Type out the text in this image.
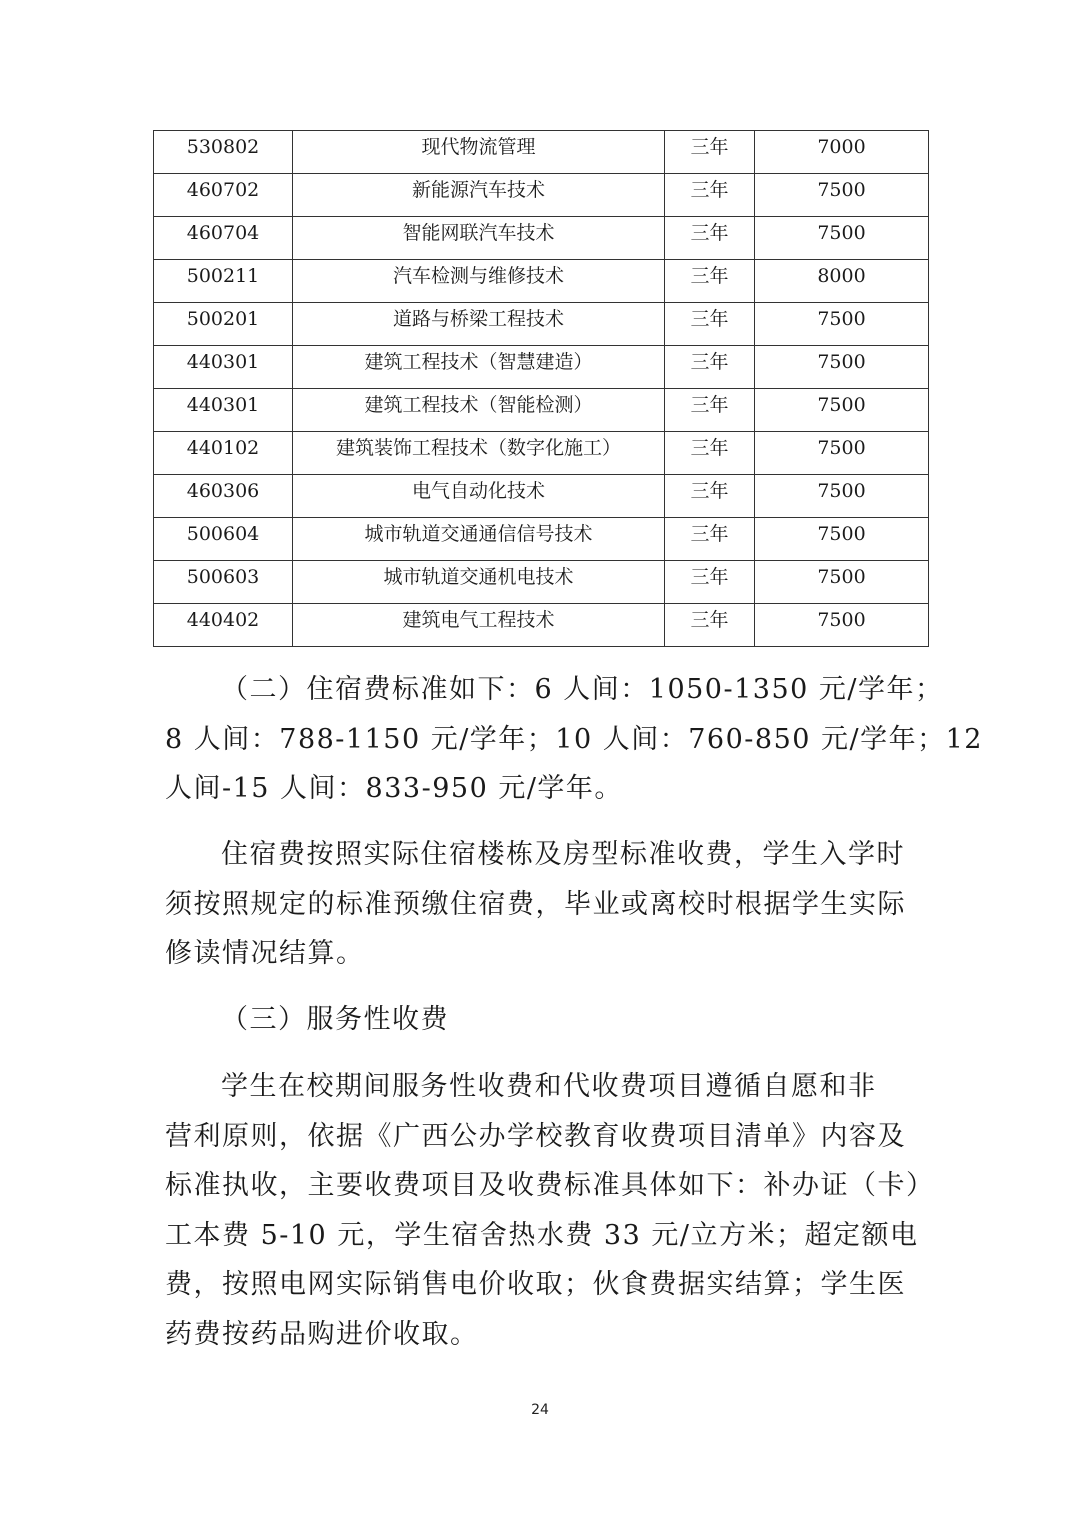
530802	现代物流管理	三年	7000
460702	新能源汽车技术	三年	7500
460704	智能网联汽车技术	三年	7500
500211	汽车检测与维修技术	三年	8000
500201	道路与桥梁工程技术	三年	7500
440301	建筑工程技术（智慧建造）	三年	7500
440301	建筑工程技术（智能检测）	三年	7500
440102	建筑装饰工程技术（数字化施工）	三年	7500
460306	电气自动化技术	三年	7500
500604	城市轨道交通通信信号技术	三年	7500
500603	城市轨道交通机电技术	三年	7500
440402	建筑电气工程技术	三年	7500

（二）住宿费标准如下：6 人间：1050-1350 元/学年；
8 人间：788-1150 元/学年；10 人间：760-850 元/学年；12
人间-15 人间：833-950 元/学年。

住宿费按照实际住宿楼栋及房型标准收费，学生入学时
须按照规定的标准预缴住宿费，毕业或离校时根据学生实际
修读情况结算。

（三）服务性收费

学生在校期间服务性收费和代收费项目遵循自愿和非
营利原则，依据《广西公办学校教育收费项目清单》内容及
标准执收，主要收费项目及收费标准具体如下：补办证（卡）
工本费 5-10 元，学生宿舍热水费 33 元/立方米；超定额电
费，按照电网实际销售电价收取；伙食费据实结算；学生医
药费按药品购进价收取。

24
